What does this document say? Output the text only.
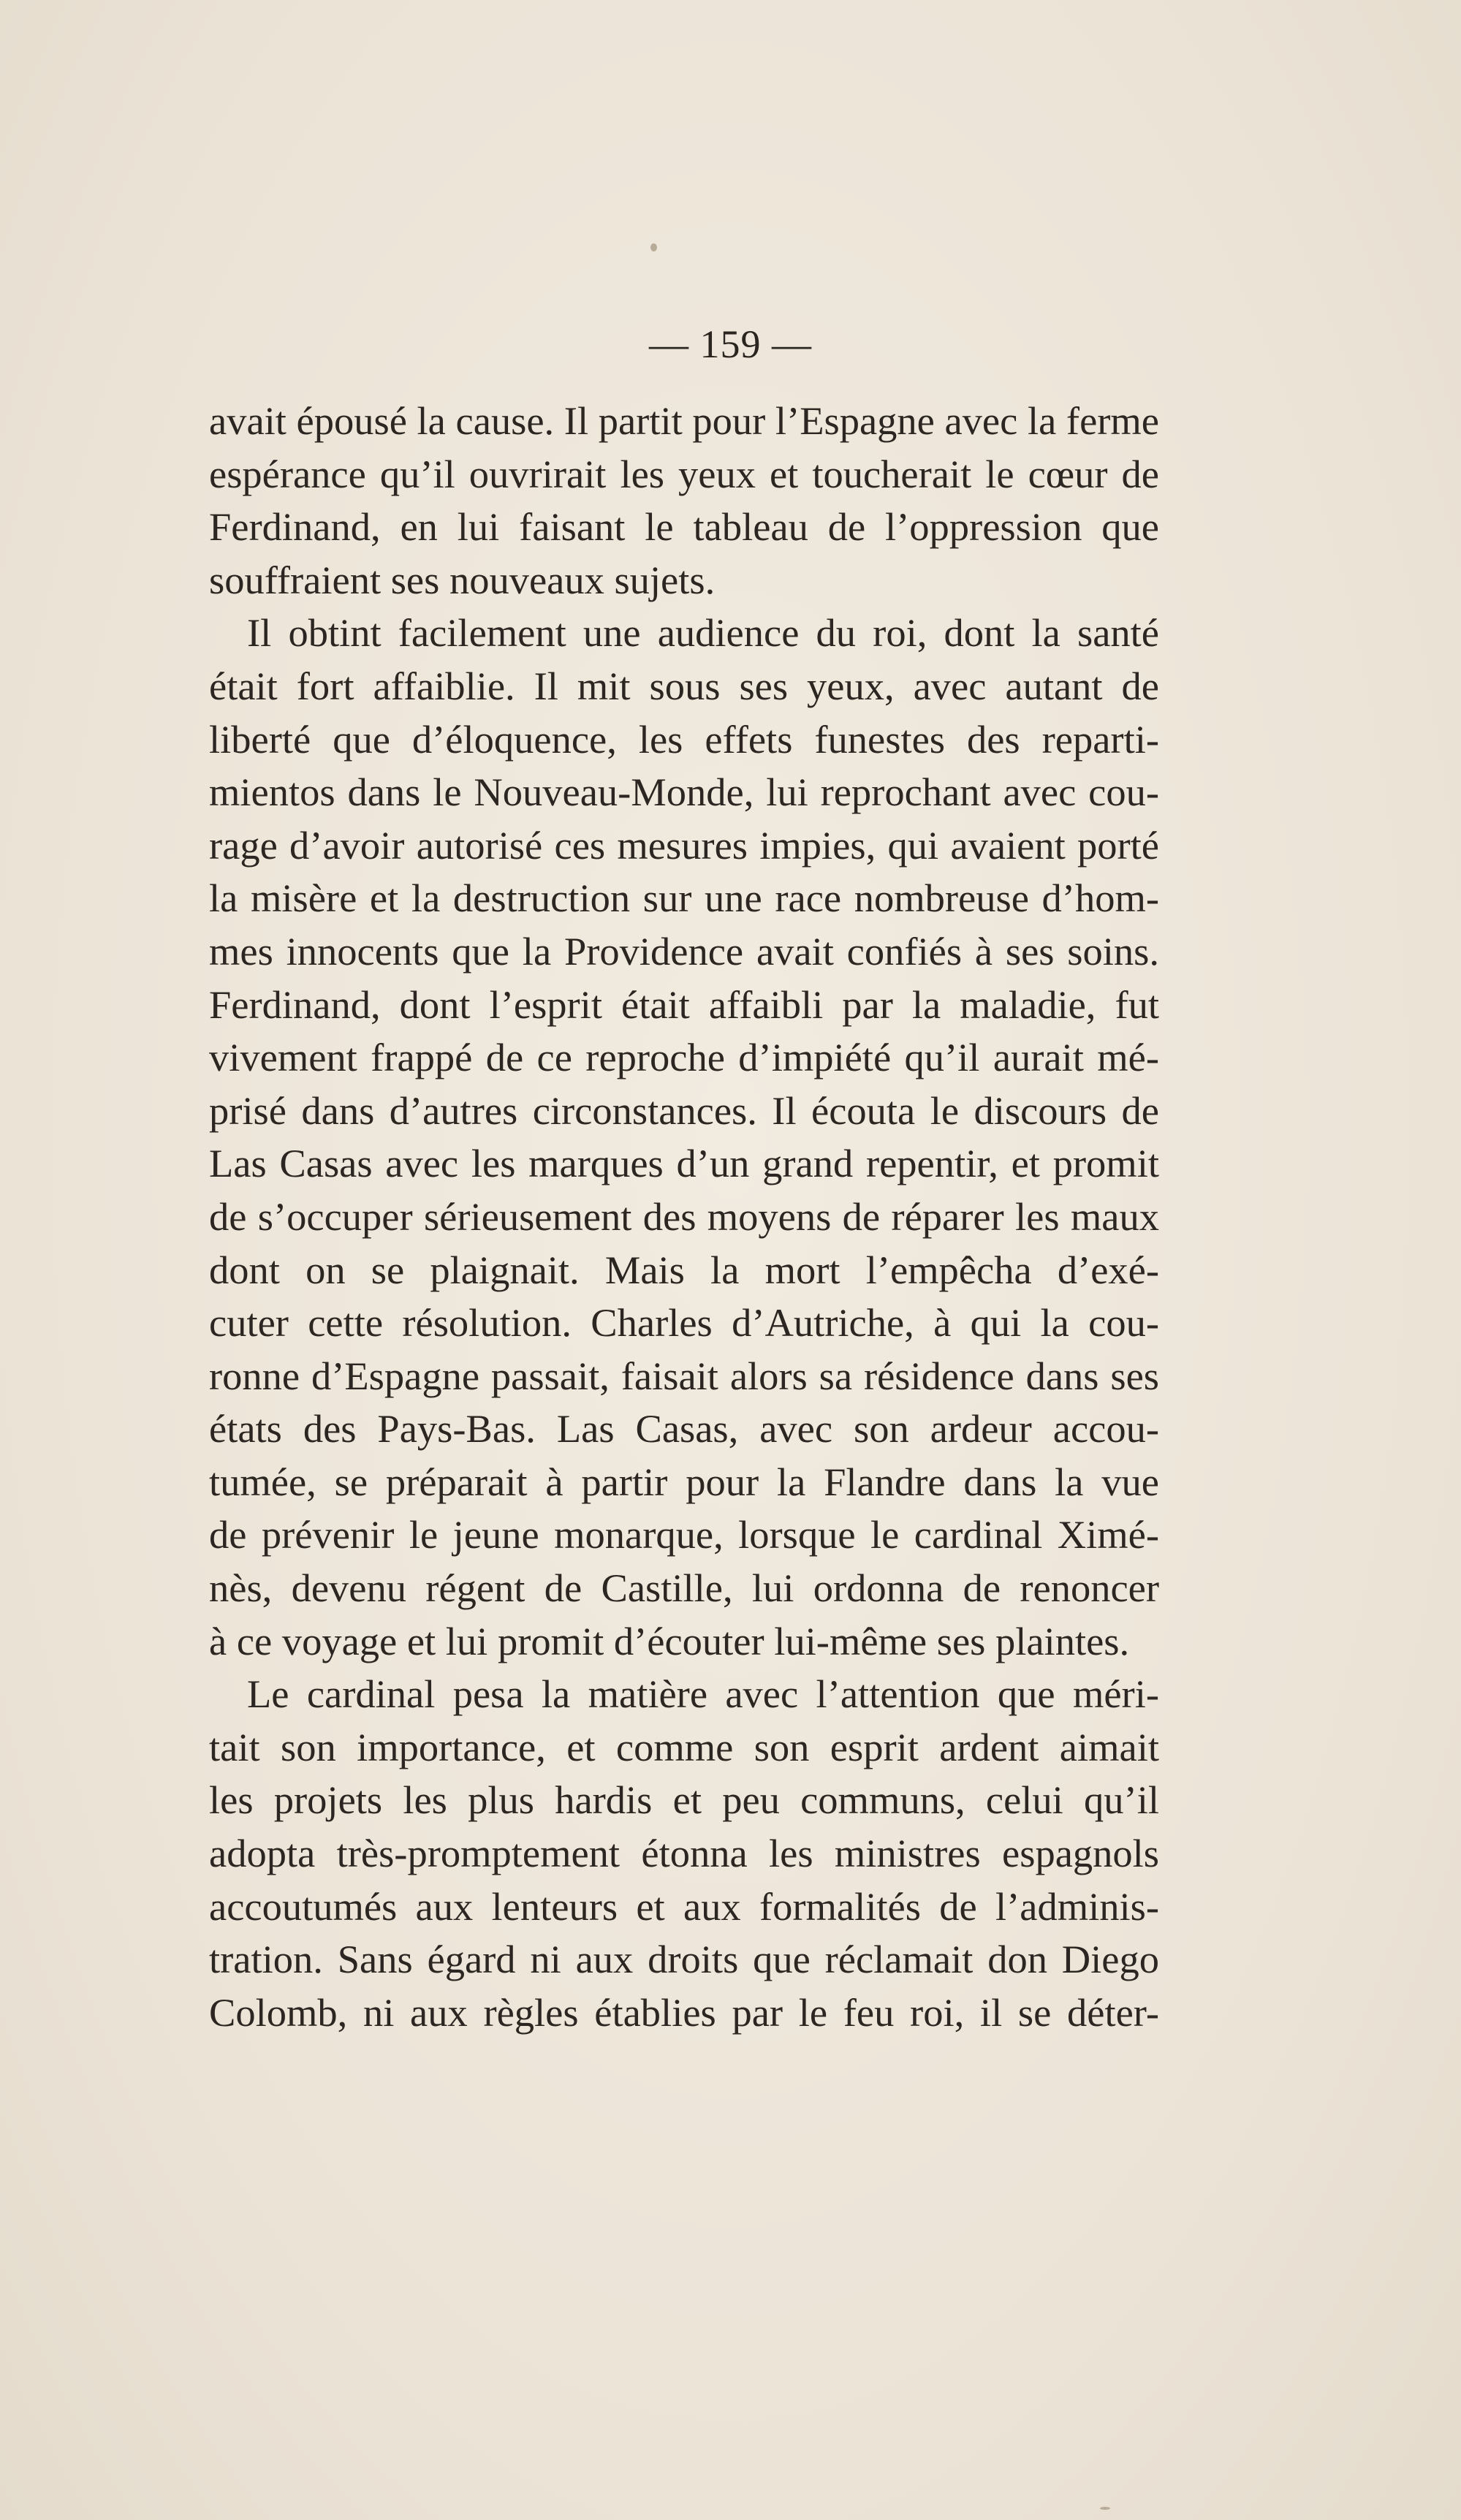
— 159 —
avait épousé la cause. Il partit pour l’Espagne avec la ferme
espérance qu’il ouvrirait les yeux et toucherait le cœur de
Ferdinand, en lui faisant le tableau de l’oppression que
souffraient ses nouveaux sujets.
Il obtint facilement une audience du roi, dont la santé
était fort affaiblie. Il mit sous ses yeux, avec autant de
liberté que d’éloquence, les effets funestes des reparti-
mientos dans le Nouveau-Monde, lui reprochant avec cou-
rage d’avoir autorisé ces mesures impies, qui avaient porté
la misère et la destruction sur une race nombreuse d’hom-
mes innocents que la Providence avait confiés à ses soins.
Ferdinand, dont l’esprit était affaibli par la maladie, fut
vivement frappé de ce reproche d’impiété qu’il aurait mé-
prisé dans d’autres circonstances. Il écouta le discours de
Las Casas avec les marques d’un grand repentir, et promit
de s’occuper sérieusement des moyens de réparer les maux
dont on se plaignait. Mais la mort l’empêcha d’exé-
cuter cette résolution. Charles d’Autriche, à qui la cou-
ronne d’Espagne passait, faisait alors sa résidence dans ses
états des Pays-Bas. Las Casas, avec son ardeur accou-
tumée, se préparait à partir pour la Flandre dans la vue
de prévenir le jeune monarque, lorsque le cardinal Ximé-
nès, devenu régent de Castille, lui ordonna de renoncer
à ce voyage et lui promit d’écouter lui-même ses plaintes.
Le cardinal pesa la matière avec l’attention que méri-
tait son importance, et comme son esprit ardent aimait
les projets les plus hardis et peu communs, celui qu’il
adopta très-promptement étonna les ministres espagnols
accoutumés aux lenteurs et aux formalités de l’adminis-
tration. Sans égard ni aux droits que réclamait don Diego
Colomb, ni aux règles établies par le feu roi, il se déter-
